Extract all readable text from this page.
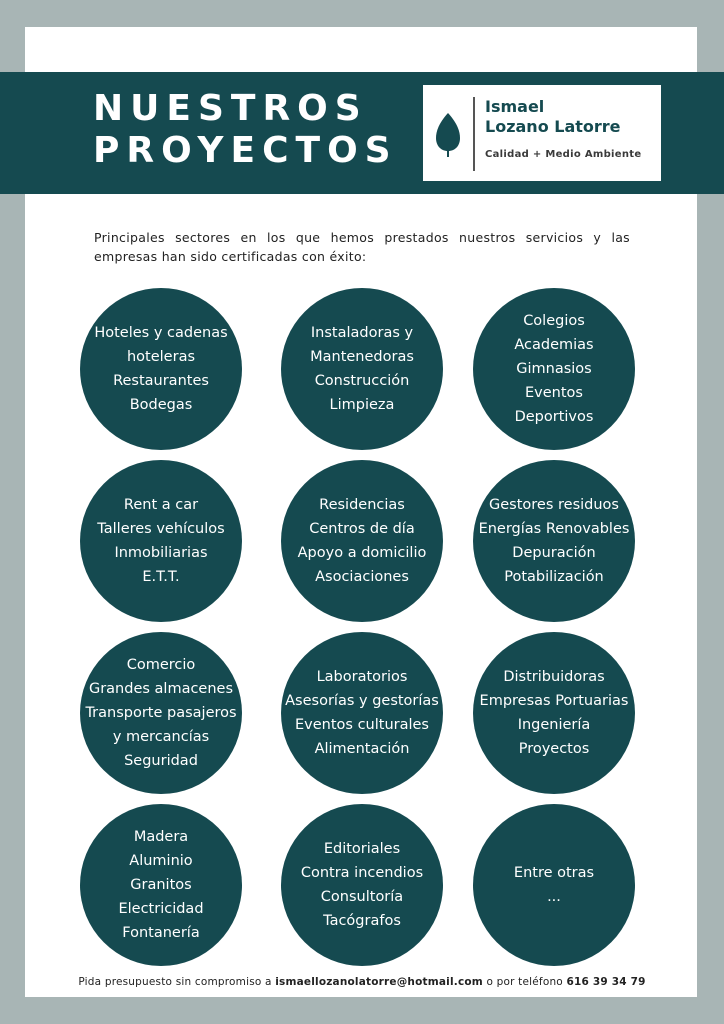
NUESTROS
PROYECTOS
Ismael
Lozano Latorre
Calidad + Medio Ambiente
Principales sectores en los que hemos prestados nuestros servicios y las empresas han sido certificadas con éxito:
Hoteles y cadenas
hoteleras
Restaurantes
Bodegas
Instaladoras y
Mantenedoras
Construcción
Limpieza
Colegios
Academias
Gimnasios
Eventos
Deportivos
Rent a car
Talleres vehículos
Inmobiliarias
E.T.T.
Residencias
Centros de día
Apoyo a domicilio
Asociaciones
Gestores residuos
Energías Renovables
Depuración
Potabilización
Comercio
Grandes almacenes
Transporte pasajeros
y mercancías
Seguridad
Laboratorios
Asesorías y gestorías
Eventos culturales
Alimentación
Distribuidoras
Empresas Portuarias
Ingeniería
Proyectos
Madera
Aluminio
Granitos
Electricidad
Fontanería
Editoriales
Contra incendios
Consultoría
Tacógrafos
Entre otras
...
Pida presupuesto sin compromiso a ismaellozanolatorre@hotmail.com o por teléfono 616 39 34 79
